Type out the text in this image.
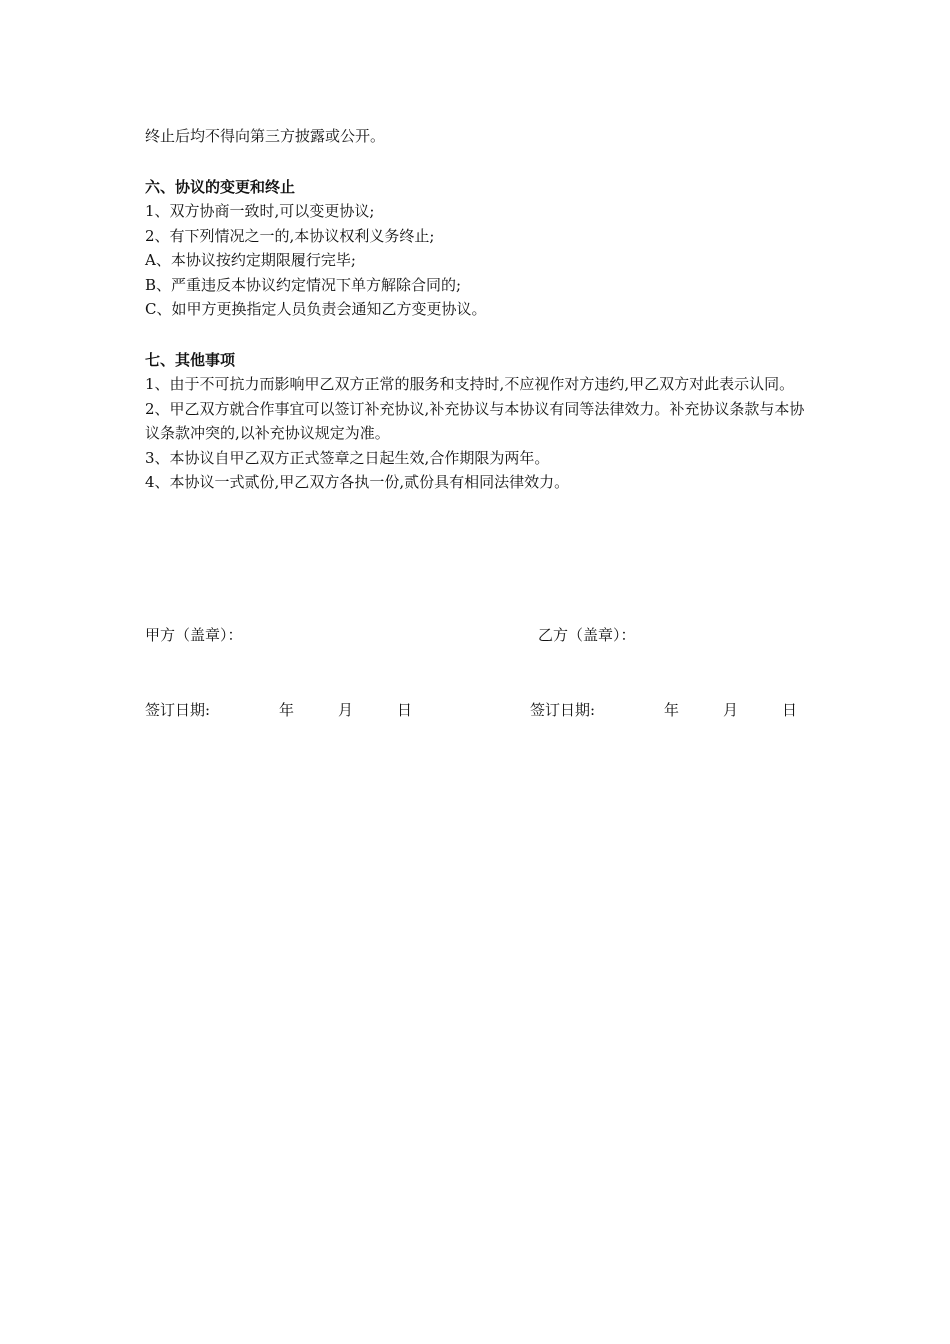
终止后均不得向第三方披露或公开。

六、协议的变更和终止

1、双方协商一致时,可以变更协议;

2、有下列情况之一的,本协议权利义务终止;

A、本协议按约定期限履行完毕;

B、严重违反本协议约定情况下单方解除合同的;

C、如甲方更换指定人员负责会通知乙方变更协议。

七、其他事项

1、由于不可抗力而影响甲乙双方正常的服务和支持时,不应视作对方违约,甲乙双方对此表示认同。

2、甲乙双方就合作事宜可以签订补充协议,补充协议与本协议有同等法律效力。补充协议条款与本协议条款冲突的,以补充协议规定为准。

3、本协议自甲乙双方正式签章之日起生效,合作期限为两年。

4、本协议一式贰份,甲乙双方各执一份,贰份具有相同法律效力。

甲方（盖章）：	乙方（盖章）：
签订日期:	年	月	日	签订日期:	年	月	日
